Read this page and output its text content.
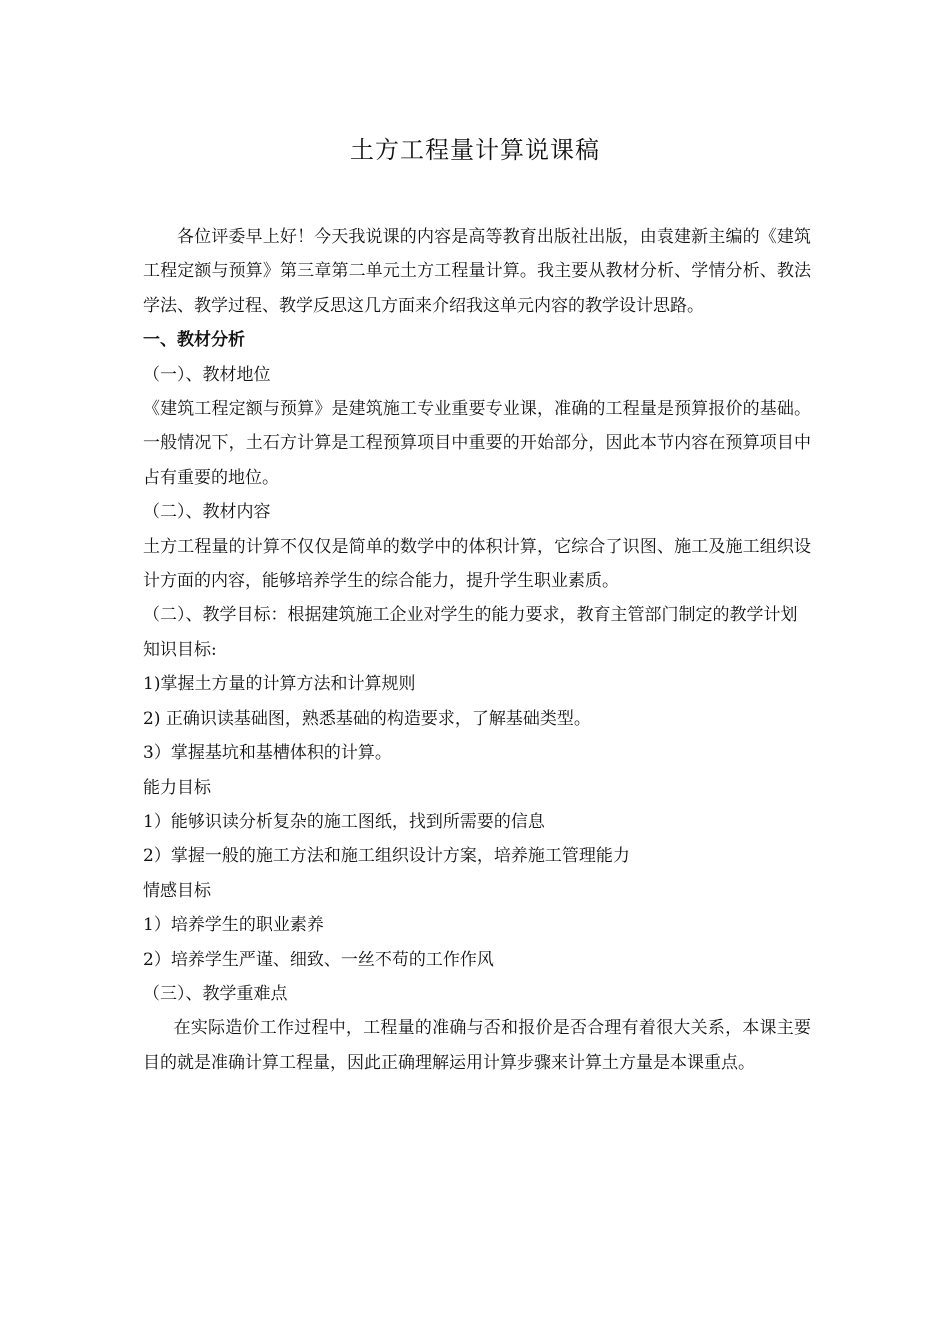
土方工程量计算说课稿

各位评委早上好！今天我说课的内容是高等教育出版社出版，由袁建新主编的《建筑工程定额与预算》第三章第二单元土方工程量计算。我主要从教材分析、学情分析、教法学法、教学过程、教学反思这几方面来介绍我这单元内容的教学设计思路。

一、教材分析

（一）、教材地位

《建筑工程定额与预算》是建筑施工专业重要专业课，准确的工程量是预算报价的基础。一般情况下，土石方计算是工程预算项目中重要的开始部分，因此本节内容在预算项目中占有重要的地位。

（二）、教材内容

土方工程量的计算不仅仅是简单的数学中的体积计算，它综合了识图、施工及施工组织设计方面的内容，能够培养学生的综合能力，提升学生职业素质。

（二）、教学目标：根据建筑施工企业对学生的能力要求，教育主管部门制定的教学计划

知识目标:

1)掌握土方量的计算方法和计算规则

2) 正确识读基础图，熟悉基础的构造要求，了解基础类型。

3）掌握基坑和基槽体积的计算。

能力目标

1）能够识读分析复杂的施工图纸，找到所需要的信息

2）掌握一般的施工方法和施工组织设计方案，培养施工管理能力

情感目标

1）培养学生的职业素养

2）培养学生严谨、细致、一丝不苟的工作作风

（三）、教学重难点

在实际造价工作过程中，工程量的准确与否和报价是否合理有着很大关系，本课主要目的就是准确计算工程量，因此正确理解运用计算步骤来计算土方量是本课重点。
